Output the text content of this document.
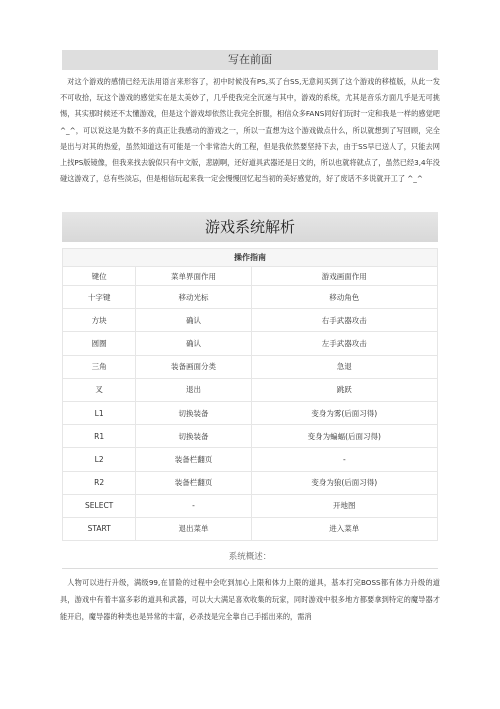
写在前面
对这个游戏的感情已经无法用语言来形容了，初中时候没有PS,买了台SS,无意间买到了这个游戏的移植版，从此一发不可收拾，玩这个游戏的感觉实在是太美妙了，几乎使我完全沉迷与其中，游戏的系统，尤其是音乐方面几乎是无可挑惕，其实那时候还不太懂游戏，但是这个游戏却依然让我完全折服，相信众多FANS同好们玩时一定和我是一样的感觉吧 ^_^，可以说这是为数不多的真正让我感动的游戏之一，所以一直想为这个游戏做点什么，所以就想到了写回顾，完全是出与对其的热爱，虽然知道这有可能是一个非常浩大的工程，但是我依然要坚持下去，由于SS早已送人了，只能去网上找PS版镜像，但我来找去貌似只有中文版，悲剧啊，还好道具武器还是日文的，所以也就将就点了，虽然已经3,4年没碰这游戏了，总有些淡忘，但是相信玩起来我一定会慢慢回忆起当初的美好感觉的，好了废话不多说就开工了 ^_^
游戏系统解析
操作指南		
键位	菜单界面作用	游戏画面作用
十字键	移动光标	移动角色
方块	确认	右手武器攻击
圆圈	确认	左手武器攻击
三角	装备画面分类	急退
叉	退出	跳跃
L1	切换装备	变身为雾(后面习得)
R1	切换装备	变身为蝙蝠(后面习得)
L2	装备栏翻页	-
R2	装备栏翻页	变身为狼(后面习得)
SELECT	-	开地图
START	退出菜单	进入菜单
系统概述：
人物可以进行升级，满级99,在冒险的过程中会吃到加心上限和体力上限的道具，基本打完BOSS都有体力升级的道具，游戏中有着丰富多彩的道具和武器，可以大大满足喜欢收集的玩家，同时游戏中很多地方都要拿到特定的魔导器才能开启，魔导器的种类也是异常的丰富，必杀技是完全靠自己手摇出来的，需消
